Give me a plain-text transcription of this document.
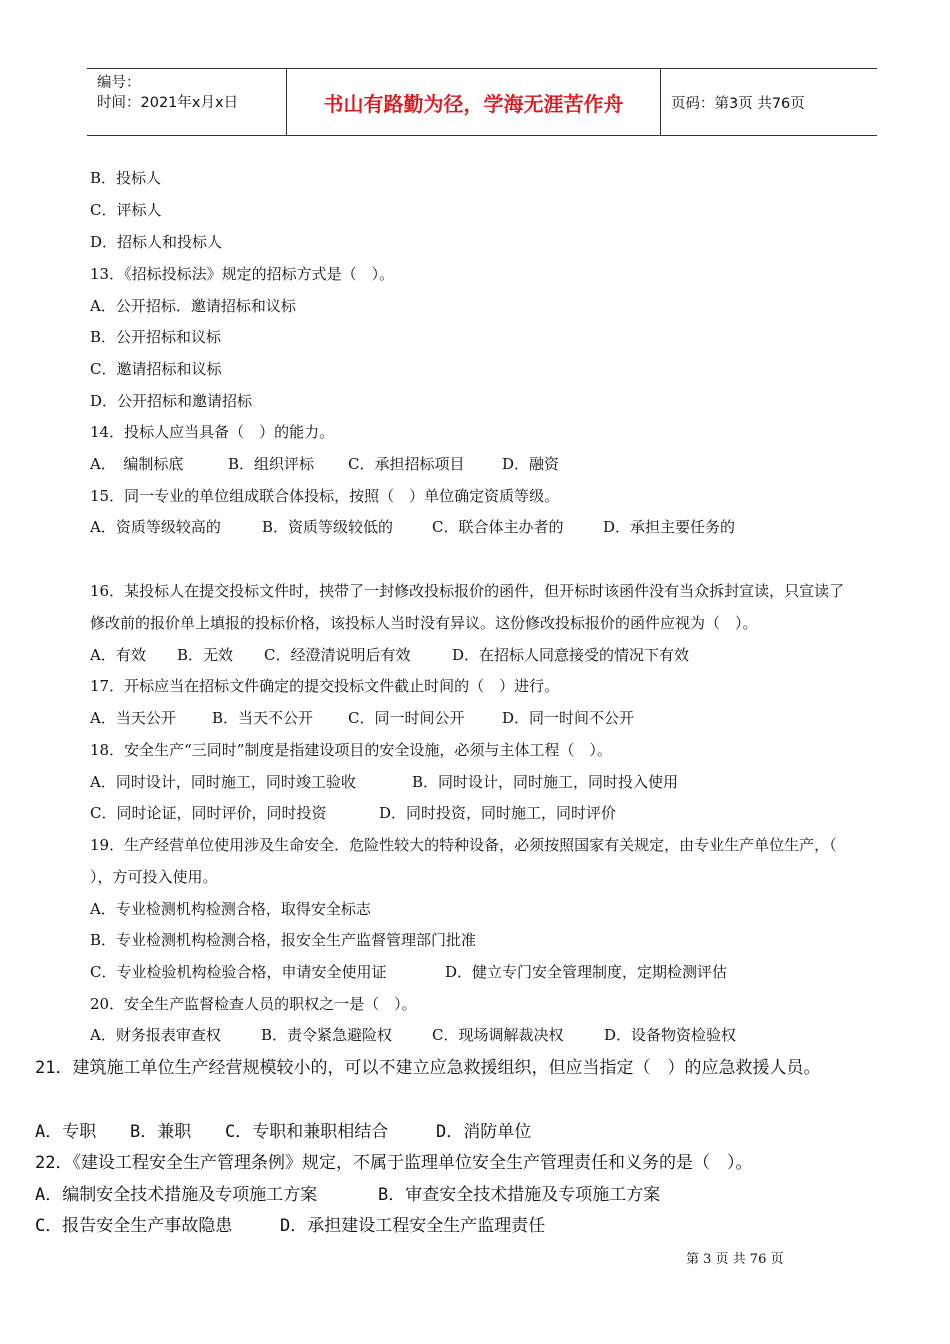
编号：
时间：2021年x月x日	书山有路勤为径，学海无涯苦作舟	页码：第3页 共76页
B．投标人
C．评标人
D．招标人和投标人
13．《招标投标法》规定的招标方式是（　）。
A．公开招标．邀请招标和议标
B．公开招标和议标
C．邀请招标和议标
D．公开招标和邀请招标
14．投标人应当具备（　）的能力。
A．　编制标底	B．组织评标 C．承担招标项目	D．融资
15．同一专业的单位组成联合体投标，按照（　）单位确定资质等级。
A．资质等级较高的	B．资质等级较低的	C．联合体主办者的	D．承担主要任务的
16．某投标人在提交投标文件时，挟带了一封修改投标报价的函件，但开标时该函件没有当众拆封宣读，只宣读了
修改前的报价单上填报的投标价格，该投标人当时没有异议。这份修改投标报价的函件应视为（　）。
A．有效 B．无效 C．经澄清说明后有效	D．在招标人同意接受的情况下有效
17．开标应当在招标文件确定的提交投标文件截止时间的（　）进行。
A．当天公开 B．当天不公开 C．同一时间公开	D．同一时间不公开
18．安全生产“三同时”制度是指建设项目的安全设施，必须与主体工程（　）。
A．同时设计，同时施工，同时竣工验收	B．同时设计，同时施工，同时投入使用
C．同时论证，同时评价，同时投资	D．同时投资，同时施工，同时评价
19．生产经营单位使用涉及生命安全．危险性较大的特种设备，必须按照国家有关规定，由专业生产单位生产，（
），方可投入使用。
A．专业检测机构检测合格，取得安全标志
B．专业检测机构检测合格，报安全生产监督管理部门批准
C．专业检验机构检验合格，申请安全使用证	D．健立专门安全管理制度，定期检测评估
20．安全生产监督检查人员的职权之一是（　）。
A．财务报表审查权	B．责令紧急避险权	C．现场调解裁决权	D．设备物资检验权
21．建筑施工单位生产经营规模较小的，可以不建立应急救援组织，但应当指定（　）的应急救援人员。
A．专职 B．兼职 C．专职和兼职相结合	D．消防单位
22．《建设工程安全生产管理条例》规定，不属于监理单位安全生产管理责任和义务的是（　）。
A．编制安全技术措施及专项施工方案	B．审查安全技术措施及专项施工方案
C．报告安全生产事故隐患	D．承担建设工程安全生产监理责任
第 3 页 共 76 页
